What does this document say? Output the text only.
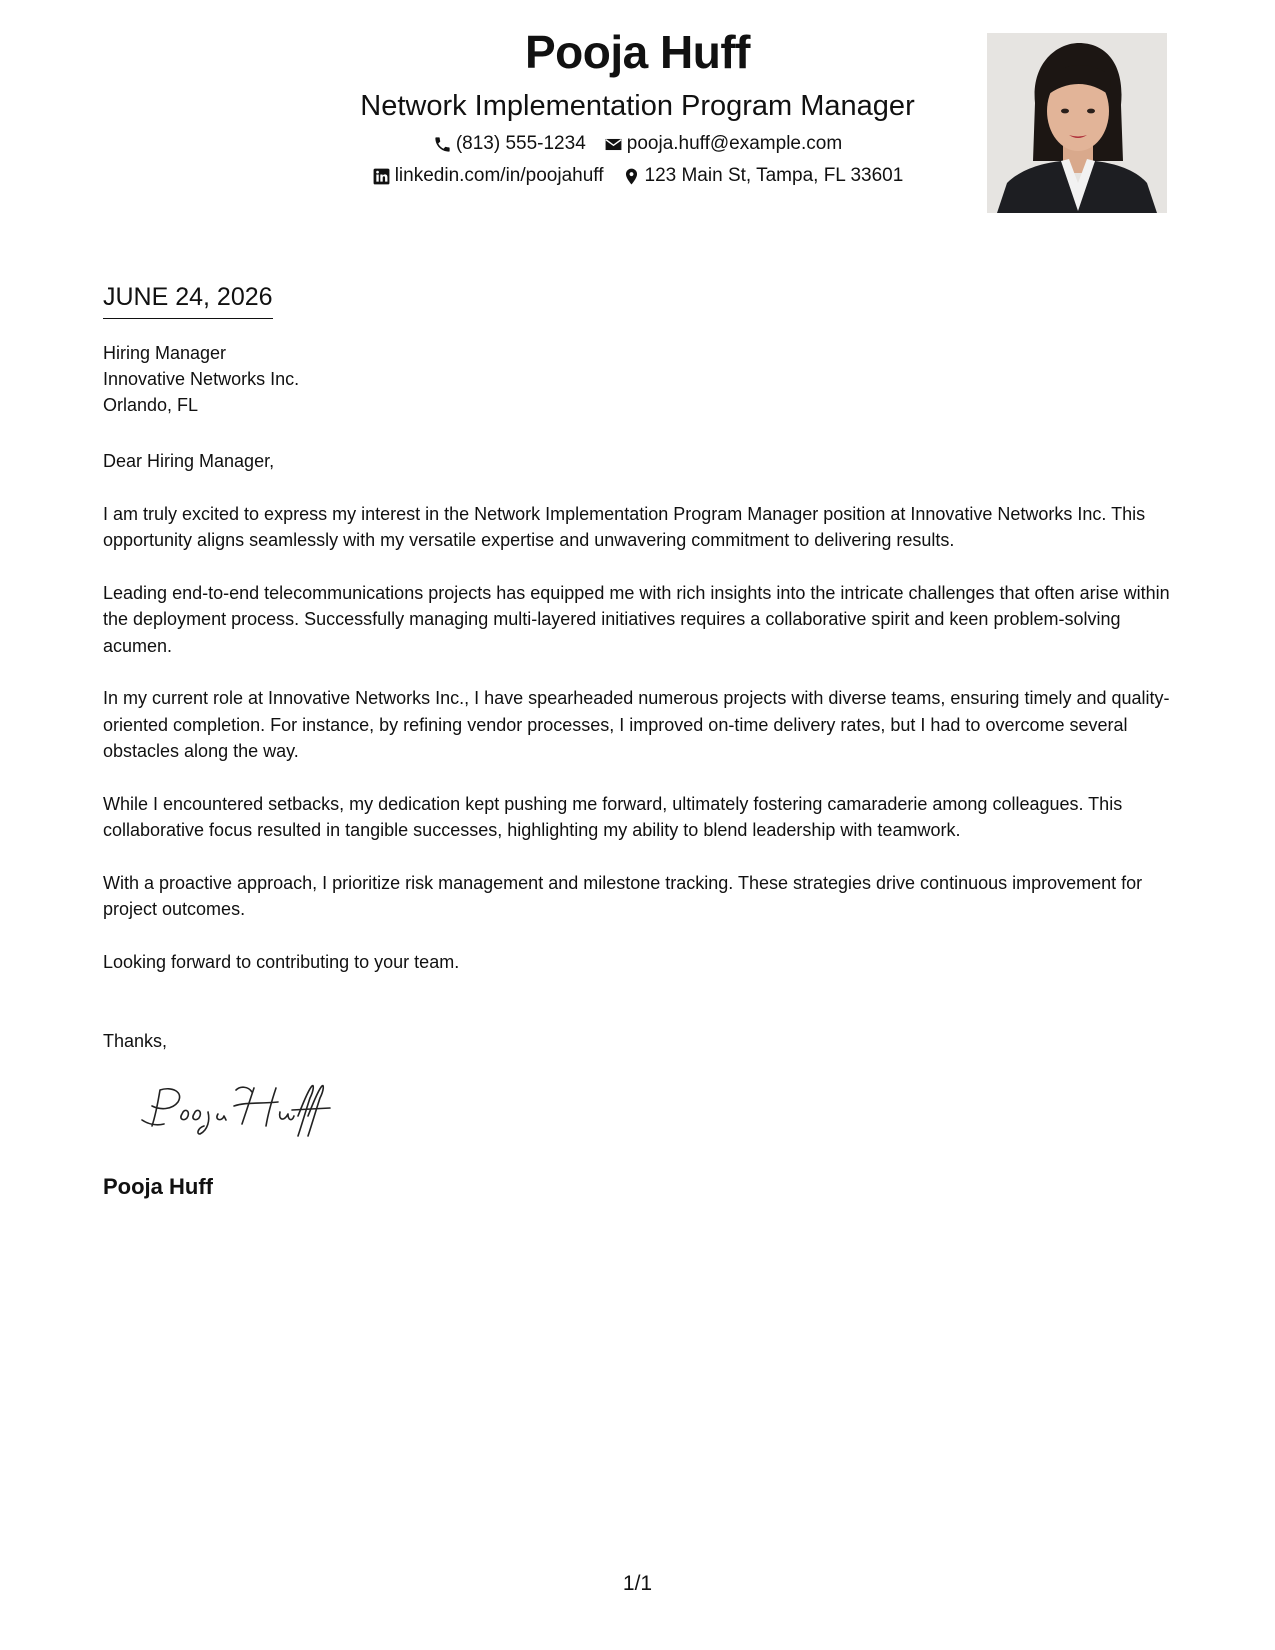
Pooja Huff
Network Implementation Program Manager
(813) 555-1234 pooja.huff@example.com
linkedin.com/in/poojahuff 123 Main St, Tampa, FL 33601
JUNE 24, 2026
Hiring Manager
Innovative Networks Inc.
Orlando, FL

Dear Hiring Manager,

I am truly excited to express my interest in the Network Implementation Program Manager position at Innovative Networks Inc. This opportunity aligns seamlessly with my versatile expertise and unwavering commitment to delivering results.

Leading end-to-end telecommunications projects has equipped me with rich insights into the intricate challenges that often arise within the deployment process. Successfully managing multi-layered initiatives requires a collaborative spirit and keen problem-solving acumen.

In my current role at Innovative Networks Inc., I have spearheaded numerous projects with diverse teams, ensuring timely and quality-oriented completion. For instance, by refining vendor processes, I improved on-time delivery rates, but I had to overcome several obstacles along the way.

While I encountered setbacks, my dedication kept pushing me forward, ultimately fostering camaraderie among colleagues. This collaborative focus resulted in tangible successes, highlighting my ability to blend leadership with teamwork.

With a proactive approach, I prioritize risk management and milestone tracking. These strategies drive continuous improvement for project outcomes.

Looking forward to contributing to your team.

Thanks,
Pooja Huff
1/1
